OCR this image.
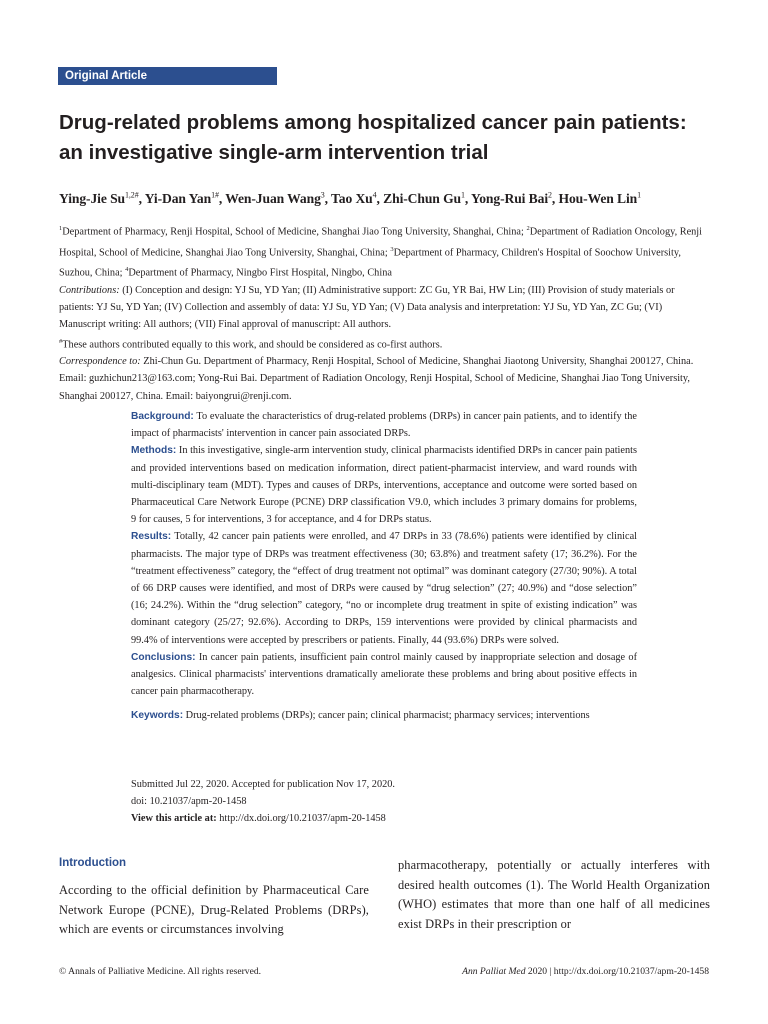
Original Article
Drug-related problems among hospitalized cancer pain patients:
an investigative single-arm intervention trial
Ying-Jie $Su^{1,2\#}$, Yi-Dan Yan$^{1\#}$, Wen-Juan Wang$^3$, Tao Xu$^4$, Zhi-Chun Gu$^1$, Yong-Rui Bai$^2$, Hou-Wen Lin$^1$

$^1$Department of Pharmacy, Renji Hospital, School of Medicine, Shanghai Jiao Tong University, Shanghai, China; $^2$Department of Radiation Oncology, Renji Hospital, School of Medicine, Shanghai Jiao Tong University, Shanghai, China; $^3$Department of Pharmacy, Children's Hospital of Soochow University, Suzhou, China; $^4$Department of Pharmacy, Ningbo First Hospital, Ningbo, China

Contributions: (I) Conception and design: YJ Su, YD Yan; (II) Administrative support: ZC Gu, YR Bai, HW Lin; (III) Provision of study materials or patients: YJ Su, YD Yan; (IV) Collection and assembly of data: YJ Su, YD Yan; (V) Data analysis and interpretation: YJ Su, YD Yan, ZC Gu; (VI) Manuscript writing: All authors; (VII) Final approval of manuscript: All authors.

#These authors contributed equally to this work, and should be considered as co-first authors.

Correspondence to: Zhi-Chun Gu. Department of Pharmacy, Renji Hospital, School of Medicine, Shanghai Jiaotong University, Shanghai 200127, China. Email: guzhichun213@163.com; Yong-Rui Bai. Department of Radiation Oncology, Renji Hospital, School of Medicine, Shanghai Jiao Tong University, Shanghai 200127, China. Email: baiyongrui@renji.com.

Background: To evaluate the characteristics of drug-related problems (DRPs) in cancer pain patients, and to identify the impact of pharmacists' intervention in cancer pain associated DRPs.

Methods: In this investigative, single-arm intervention study, clinical pharmacists identified DRPs in cancer pain patients and provided interventions based on medication information, direct patient-pharmacist interview, and ward rounds with multi-disciplinary team (MDT). Types and causes of DRPs, interventions, acceptance and outcome were sorted based on Pharmaceutical Care Network Europe (PCNE) DRP classification V9.0, which includes 3 primary domains for problems, 9 for causes, 5 for interventions, 3 for acceptance, and 4 for DRPs status.

Results: Totally, 42 cancer pain patients were enrolled, and 47 DRPs in 33 (78.6%) patients were identified by clinical pharmacists. The major type of DRPs was treatment effectiveness (30; 63.8%) and treatment safety (17; 36.2%). For the “treatment effectiveness” category, the “effect of drug treatment not optimal” was dominant category (27/30; 90%). A total of 66 DRP causes were identified, and most of DRPs were caused by “drug selection” (27; 40.9%) and “dose selection” (16; 24.2%). Within the “drug selection” category, “no or incomplete drug treatment in spite of existing indication” was dominant category (25/27; 92.6%). According to DRPs, 159 interventions were provided by clinical pharmacists and 99.4% of interventions were accepted by prescribers or patients. Finally, 44 (93.6%) DRPs were solved.

Conclusions: In cancer pain patients, insufficient pain control mainly caused by inappropriate selection and dosage of analgesics. Clinical pharmacists' interventions dramatically ameliorate these problems and bring about positive effects in cancer pain pharmacotherapy.

Keywords: Drug-related problems (DRPs); cancer pain; clinical pharmacist; pharmacy services; interventions

Submitted Jul 22, 2020. Accepted for publication Nov 17, 2020.

doi: 10.21037/apm-20-1458

View this article at: http://dx.doi.org/10.21037/apm-20-1458

Introduction
According to the official definition by Pharmaceutical Care Network Europe (PCNE), Drug-Related Problems (DRPs), which are events or circumstances involving
pharmacotherapy, potentially or actually interferes with desired health outcomes (1). The World Health Organization (WHO) estimates that more than one half of all medicines exist DRPs in their prescription or
© Annals of Palliative Medicine. All rights reserved.	Ann Palliat Med 2020 | http://dx.doi.org/10.21037/apm-20-1458
